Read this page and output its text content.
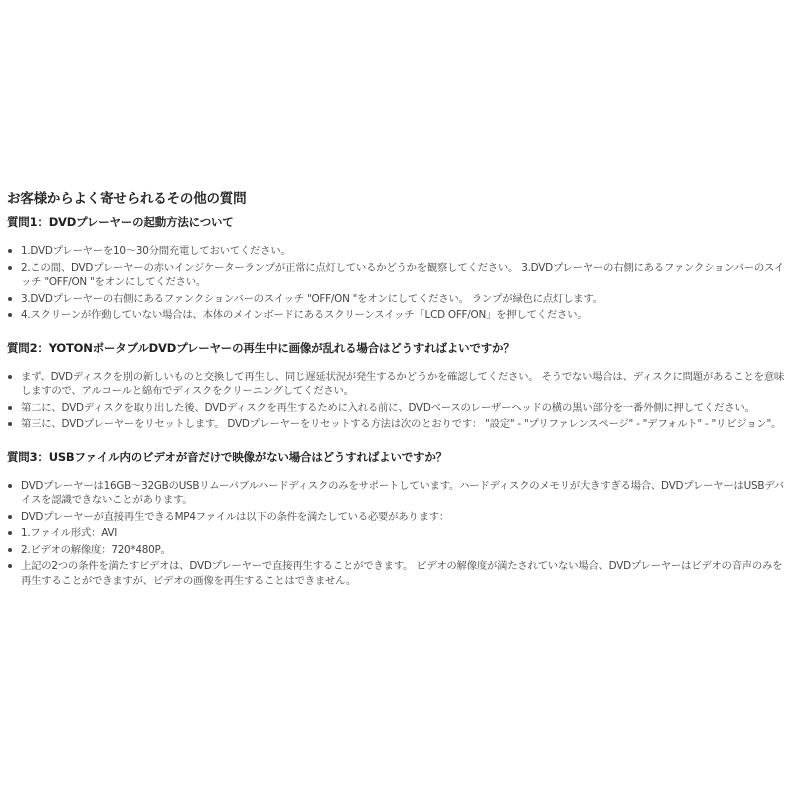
お客様からよく寄せられるその他の質問
質問1：DVDプレーヤーの起動方法について
1.DVDプレーヤーを10～30分間充電しておいてください。
2.この間、DVDプレーヤーの赤いインジケーターランプが正常に点灯しているかどうかを観察してください。 3.DVDプレーヤーの右側にあるファンクションバーのスイッチ "OFF/ON "をオンにしてください。
3.DVDプレーヤーの右側にあるファンクションバーのスイッチ "OFF/ON "をオンにしてください。 ランプが緑色に点灯します。
4.スクリーンが作動していない場合は、本体のメインボードにあるスクリーンスイッチ「LCD OFF/ON」を押してください。
質問2：YOTONポータブルDVDプレーヤーの再生中に画像が乱れる場合はどうすればよいですか？
まず、DVDディスクを別の新しいものと交換して再生し、同じ遅延状況が発生するかどうかを確認してください。 そうでない場合は、ディスクに問題があることを意味しますので、アルコールと綿布でディスクをクリーニングしてください。
第二に、DVDディスクを取り出した後、DVDディスクを再生するために入れる前に、DVDベースのレーザーヘッドの横の黒い部分を一番外側に押してください。
第三に、DVDプレーヤーをリセットします。 DVDプレーヤーをリセットする方法は次のとおりです： "設定" - "プリファレンスページ" - "デフォルト" - "リビジョン"。
質問3：USBファイル内のビデオが音だけで映像がない場合はどうすればよいですか？
DVDプレーヤーは16GB～32GBのUSBリムーバブルハードディスクのみをサポートしています。ハードディスクのメモリが大きすぎる場合、DVDプレーヤーはUSBデバイスを認識できないことがあります。
DVDプレーヤーが直接再生できるMP4ファイルは以下の条件を満たしている必要があります：
1.ファイル形式：AVI
2.ビデオの解像度：720*480P。
上記の2つの条件を満たすビデオは、DVDプレーヤーで直接再生することができます。 ビデオの解像度が満たされていない場合、DVDプレーヤーはビデオの音声のみを再生することができますが、ビデオの画像を再生することはできません。
